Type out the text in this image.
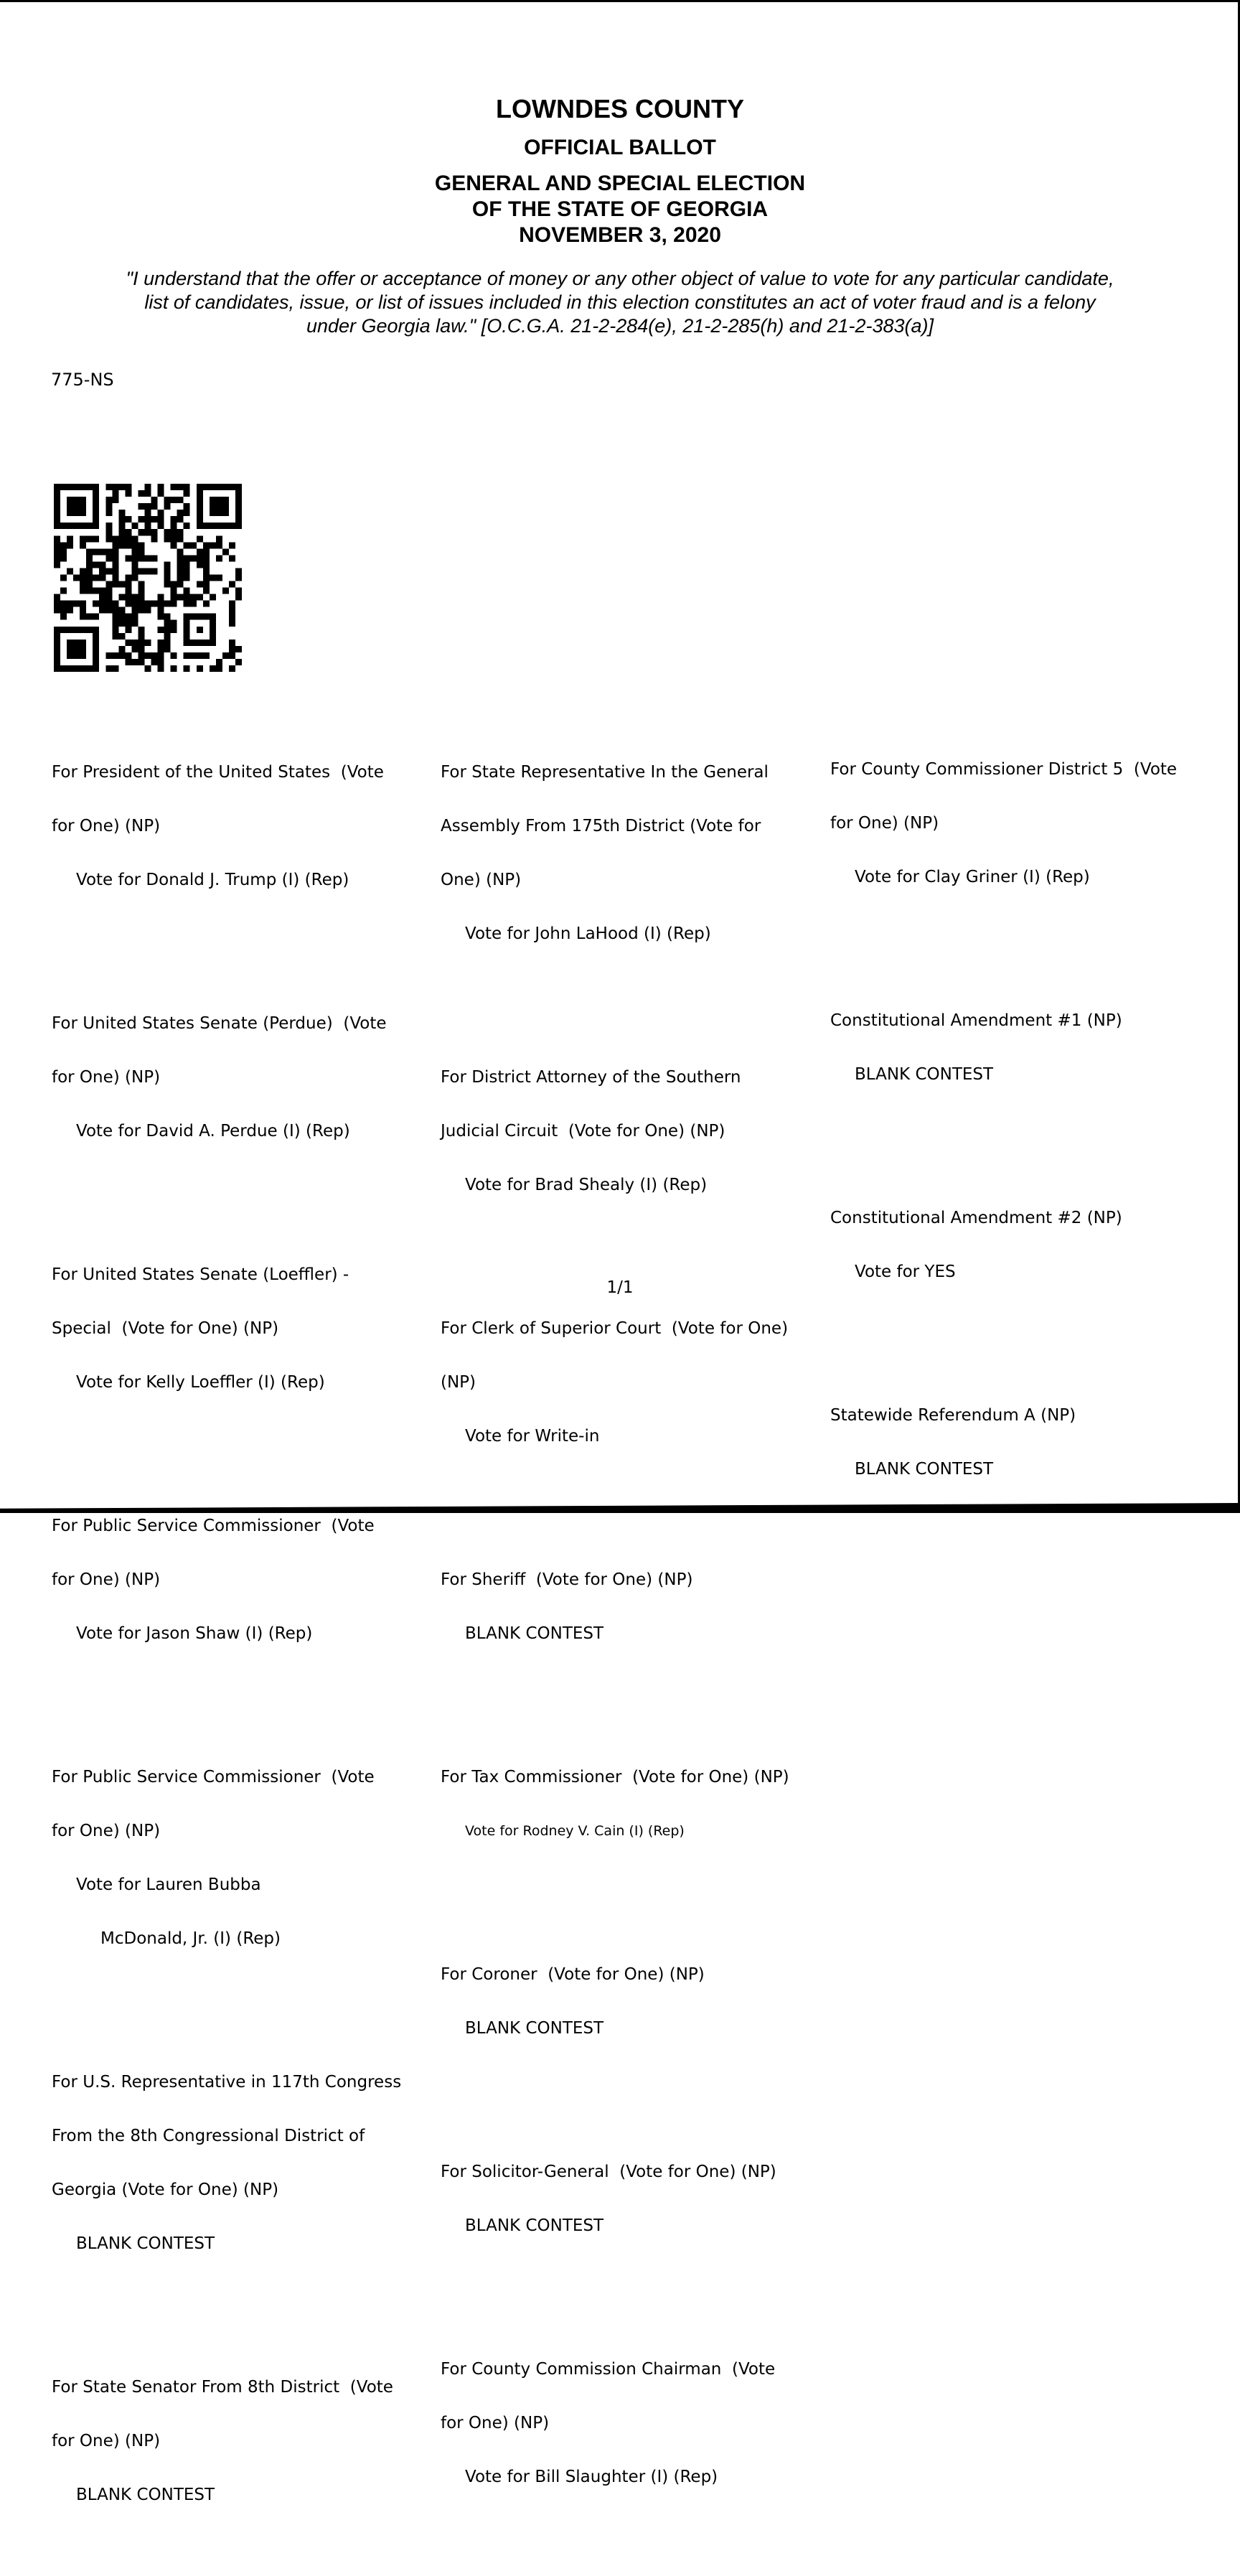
LOWNDES COUNTY
OFFICIAL BALLOT
GENERAL AND SPECIAL ELECTION
OF THE STATE OF GEORGIA
NOVEMBER 3, 2020
"I understand that the offer or acceptance of money or any other object of value to vote for any particular candidate,
list of candidates, issue, or list of issues included in this election constitutes an act of voter fraud and is a felony
under Georgia law." [O.C.G.A. 21-2-284(e), 21-2-285(h) and 21-2-383(a)]
775-NS

For President of the United States  (Vote

for One) (NP)

Vote for Donald J. Trump (I) (Rep)

For United States Senate (Perdue)  (Vote

for One) (NP)

Vote for David A. Perdue (I) (Rep)

For United States Senate (Loeffler) -

Special  (Vote for One) (NP)

Vote for Kelly Loeffler (I) (Rep)

For Public Service Commissioner  (Vote

for One) (NP)

Vote for Jason Shaw (I) (Rep)

For Public Service Commissioner  (Vote

for One) (NP)

Vote for Lauren Bubba

McDonald, Jr. (I) (Rep)

For U.S. Representative in 117th Congress

From the 8th Congressional District of

Georgia (Vote for One) (NP)

BLANK CONTEST

For State Senator From 8th District  (Vote

for One) (NP)

BLANK CONTEST

For State Representative In the General

Assembly From 175th District (Vote for

One) (NP)

Vote for John LaHood (I) (Rep)

For District Attorney of the Southern

Judicial Circuit  (Vote for One) (NP)

Vote for Brad Shealy (I) (Rep)

For Clerk of Superior Court  (Vote for One)

(NP)

Vote for Write-in

For Sheriff  (Vote for One) (NP)

BLANK CONTEST

For Tax Commissioner  (Vote for One) (NP)

Vote for Rodney V. Cain (I) (Rep)

For Coroner  (Vote for One) (NP)

BLANK CONTEST

For Solicitor-General  (Vote for One) (NP)

BLANK CONTEST

For County Commission Chairman  (Vote

for One) (NP)

Vote for Bill Slaughter (I) (Rep)

For County Commissioner District 5  (Vote

for One) (NP)

Vote for Clay Griner (I) (Rep)

Constitutional Amendment #1 (NP)

BLANK CONTEST

Constitutional Amendment #2 (NP)

Vote for YES

Statewide Referendum A (NP)

BLANK CONTEST

1/1
